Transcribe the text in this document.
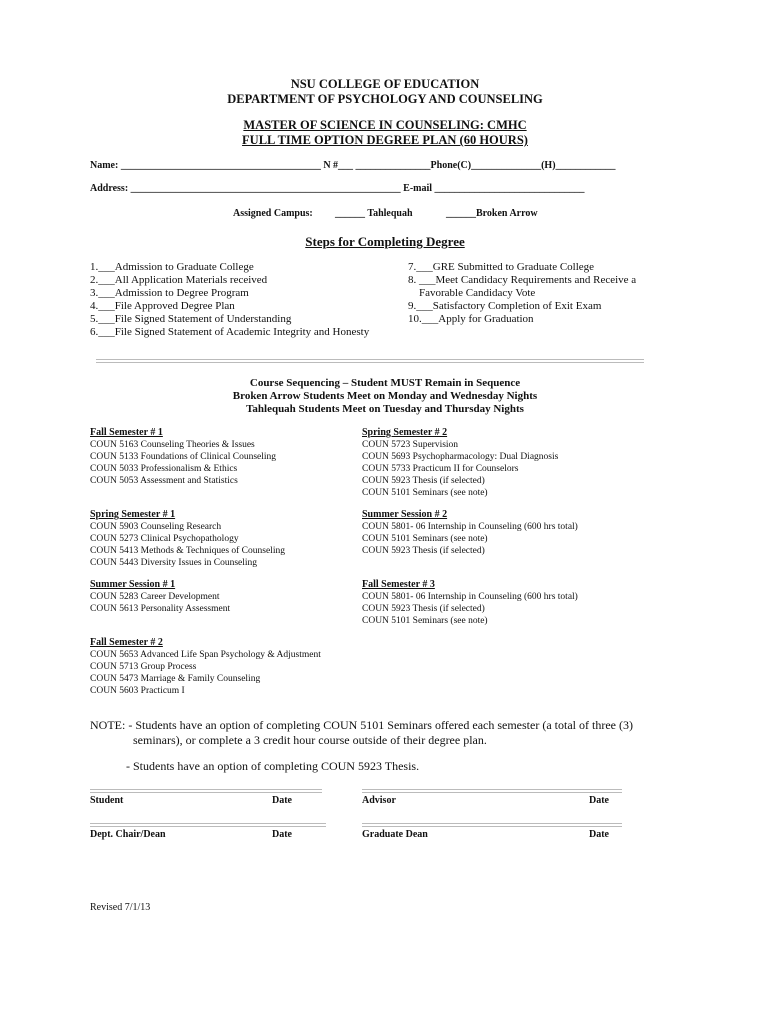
NSU COLLEGE OF EDUCATION
DEPARTMENT OF PSYCHOLOGY AND COUNSELING
MASTER OF SCIENCE IN COUNSELING: CMHC
FULL TIME OPTION DEGREE PLAN (60 HOURS)
Name: ________________________________________ N #___ _______________Phone(C)______________(H)____________
Address: ______________________________________________________ E-mail ______________________________
Assigned Campus: ______ Tahlequah	______Broken Arrow
Steps for Completing Degree
1.___Admission to Graduate College
2.___All Application Materials received
3.___Admission to Degree Program
4.___File Approved Degree Plan
5.___File Signed Statement of Understanding
6.___File Signed Statement of Academic Integrity and Honesty
7.___GRE Submitted to Graduate College
8. ___Meet Candidacy Requirements and Receive a
Favorable Candidacy Vote
9.___Satisfactory Completion of Exit Exam
10.___Apply for Graduation
Course Sequencing – Student MUST Remain in Sequence
Broken Arrow Students Meet on Monday and Wednesday Nights
Tahlequah Students Meet on Tuesday and Thursday Nights
Fall Semester # 1
COUN 5163 Counseling Theories & Issues
COUN 5133 Foundations of Clinical Counseling
COUN 5033 Professionalism & Ethics
COUN 5053 Assessment and Statistics
Spring Semester # 1
COUN 5903 Counseling Research
COUN 5273 Clinical Psychopathology
COUN 5413 Methods & Techniques of Counseling
COUN 5443 Diversity Issues in Counseling
Summer Session # 1
COUN 5283 Career Development
COUN 5613 Personality Assessment
Fall Semester # 2
COUN 5653 Advanced Life Span Psychology & Adjustment
COUN 5713 Group Process
COUN 5473 Marriage & Family Counseling
COUN 5603 Practicum I
Spring Semester # 2
COUN 5723 Supervision
COUN 5693 Psychopharmacology: Dual Diagnosis
COUN 5733 Practicum II for Counselors
COUN 5923 Thesis (if selected)
COUN 5101 Seminars (see note)
Summer Session # 2
COUN 5801- 06 Internship in Counseling (600 hrs total)
COUN 5101 Seminars (see note)
COUN 5923 Thesis (if selected)
Fall Semester # 3
COUN 5801- 06 Internship in Counseling (600 hrs total)
COUN 5923 Thesis (if selected)
COUN 5101 Seminars (see note)
NOTE: - Students have an option of completing COUN 5101 Seminars offered each semester (a total of three (3)
seminars), or complete a 3 credit hour course outside of their degree plan.
- Students have an option of completing COUN 5923 Thesis.
Student	Date	Advisor	Date
Dept. Chair/Dean	Date	Graduate Dean	Date
Revised 7/1/13
